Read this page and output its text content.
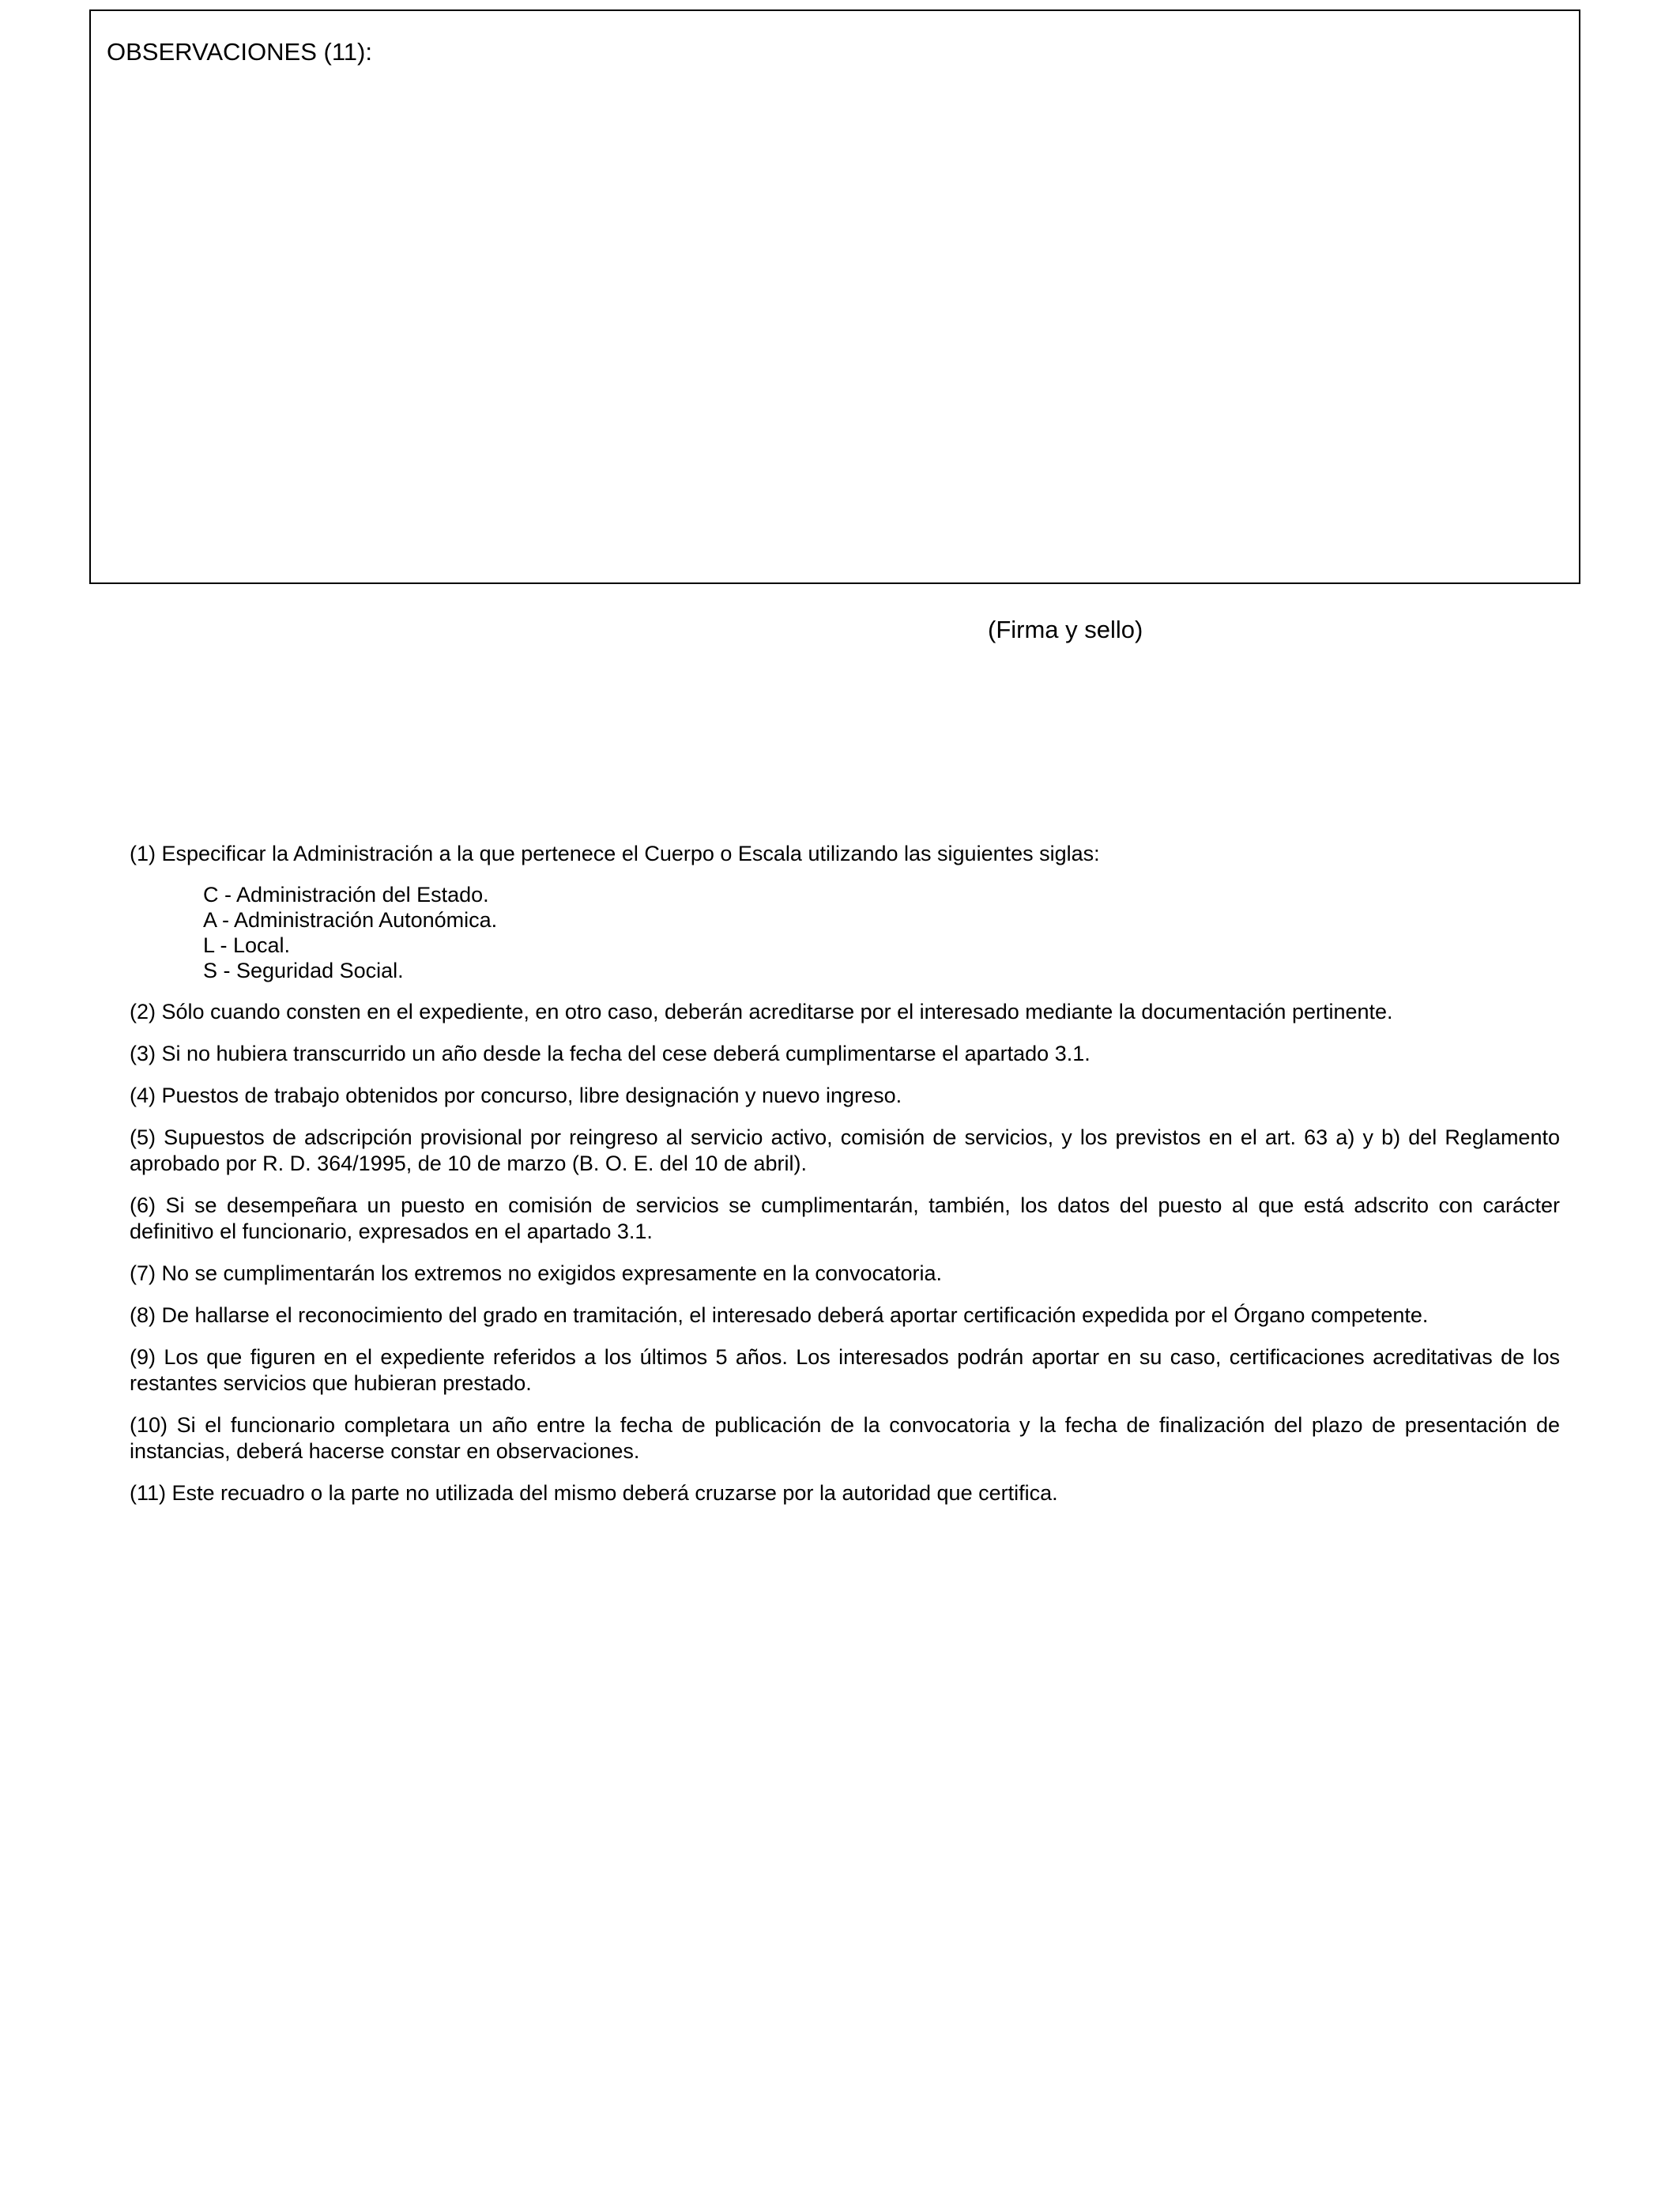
OBSERVACIONES (11):
(Firma y sello)

(1) Especificar la Administración a la que pertenece el Cuerpo o Escala utilizando las siguientes siglas:

C - Administración del Estado.
A - Administración Autonómica.
L - Local.
S - Seguridad Social.

(2) Sólo cuando consten en el expediente, en otro caso, deberán acreditarse por el interesado mediante la documentación pertinente.

(3) Si no hubiera transcurrido un año desde la fecha del cese deberá cumplimentarse el apartado 3.1.

(4) Puestos de trabajo obtenidos por concurso, libre designación y nuevo ingreso.

(5) Supuestos de adscripción provisional por reingreso al servicio activo, comisión de servicios, y los previstos en el art. 63 a) y b) del Reglamento aprobado por R. D. 364/1995, de 10 de marzo (B. O. E. del 10 de abril).

(6) Si se desempeñara un puesto en comisión de servicios se cumplimentarán, también, los datos del puesto al que está adscrito con carácter definitivo el funcionario, expresados en el apartado 3.1.

(7) No se cumplimentarán los extremos no exigidos expresamente en la convocatoria.

(8) De hallarse el reconocimiento del grado en tramitación, el interesado deberá aportar certificación expedida por el Órgano competente.

(9) Los que figuren en el expediente referidos a los últimos 5 años. Los interesados podrán aportar en su caso, certificaciones acreditativas de los restantes servicios que hubieran prestado.

(10) Si el funcionario completara un año entre la fecha de publicación de la convocatoria y la fecha de finalización del plazo de presentación de instancias, deberá hacerse constar en observaciones.

(11) Este recuadro o la parte no utilizada del mismo deberá cruzarse por la autoridad que certifica.
